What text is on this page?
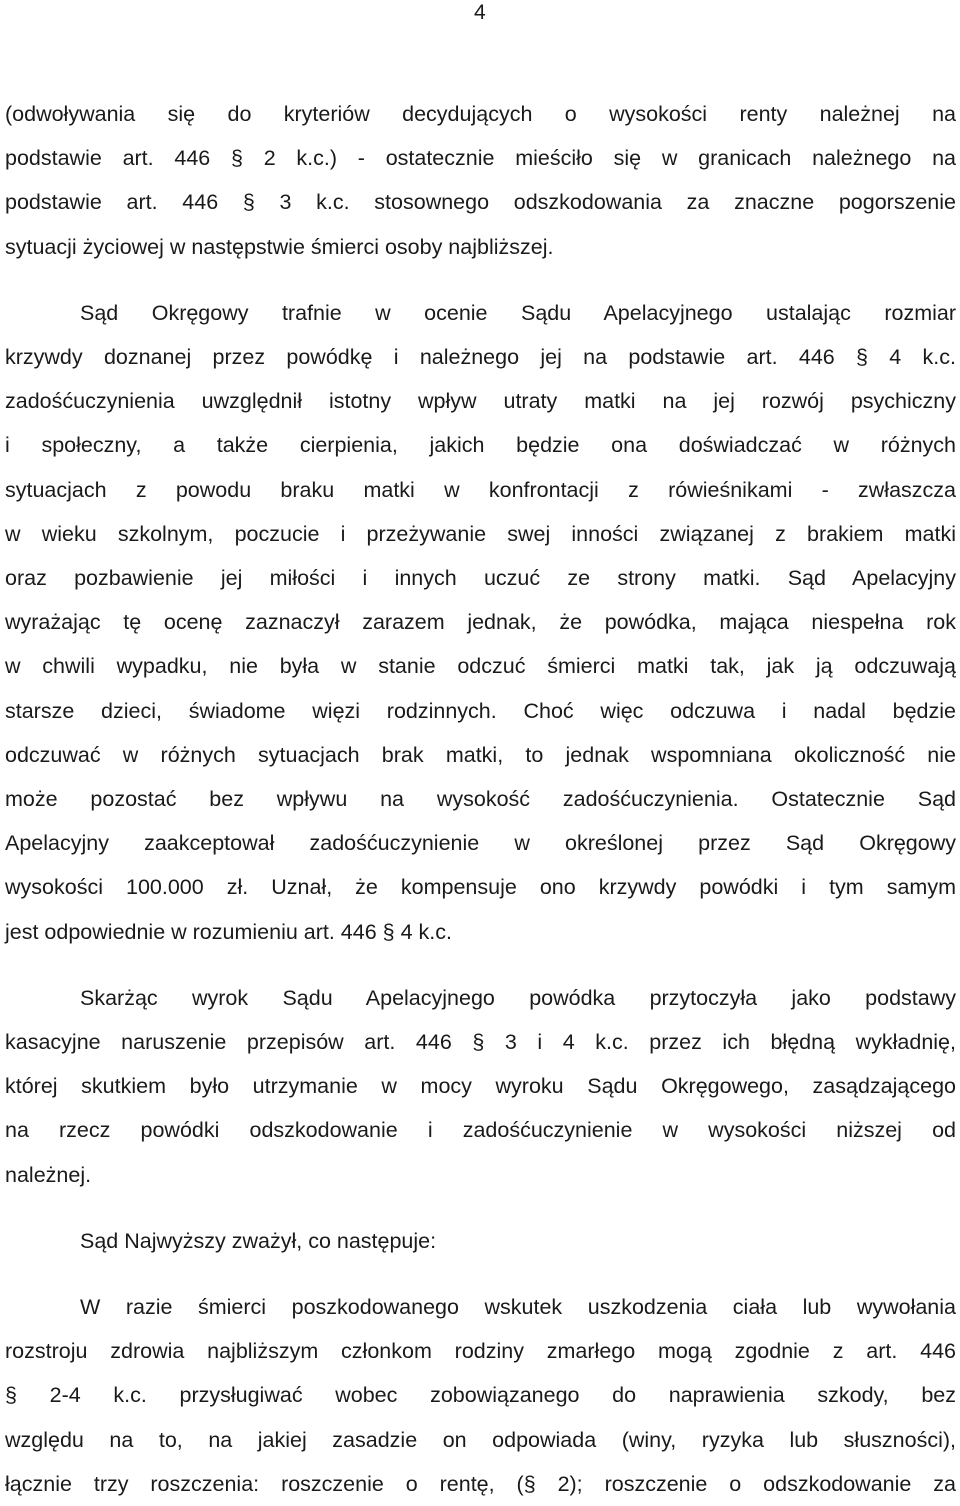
4

(odwoływania się do kryteriów decydujących o wysokości renty należnej na
podstawie art. 446 § 2 k.c.) - ostatecznie mieściło się w granicach należnego na
podstawie art. 446 § 3 k.c. stosownego odszkodowania za znaczne pogorszenie
sytuacji życiowej w następstwie śmierci osoby najbliższej.

Sąd Okręgowy trafnie w ocenie Sądu Apelacyjnego ustalając rozmiar
krzywdy doznanej przez powódkę i należnego jej na podstawie art. 446 § 4 k.c.
zadośćuczynienia uwzględnił istotny wpływ utraty matki na jej rozwój psychiczny
i społeczny, a także cierpienia, jakich będzie ona doświadczać w różnych
sytuacjach z powodu braku matki w konfrontacji z rówieśnikami - zwłaszcza
w wieku szkolnym, poczucie i przeżywanie swej inności związanej z brakiem matki
oraz pozbawienie jej miłości i innych uczuć ze strony matki. Sąd Apelacyjny
wyrażając tę ocenę zaznaczył zarazem jednak, że powódka, mająca niespełna rok
w chwili wypadku, nie była w stanie odczuć śmierci matki tak, jak ją odczuwają
starsze dzieci, świadome więzi rodzinnych. Choć więc odczuwa i nadal będzie
odczuwać w różnych sytuacjach brak matki, to jednak wspomniana okoliczność nie
może pozostać bez wpływu na wysokość zadośćuczynienia. Ostatecznie Sąd
Apelacyjny zaakceptował zadośćuczynienie w określonej przez Sąd Okręgowy
wysokości 100.000 zł. Uznał, że kompensuje ono krzywdy powódki i tym samym
jest odpowiednie w rozumieniu art. 446 § 4 k.c.

Skarżąc wyrok Sądu Apelacyjnego powódka przytoczyła jako podstawy
kasacyjne naruszenie przepisów art. 446 § 3 i 4 k.c. przez ich błędną wykładnię,
której skutkiem było utrzymanie w mocy wyroku Sądu Okręgowego, zasądzającego
na rzecz powódki odszkodowanie i zadośćuczynienie w wysokości niższej od
należnej.

Sąd Najwyższy zważył, co następuje:

W razie śmierci poszkodowanego wskutek uszkodzenia ciała lub wywołania
rozstroju zdrowia najbliższym członkom rodziny zmarłego mogą zgodnie z art. 446
§ 2-4 k.c. przysługiwać wobec zobowiązanego do naprawienia szkody, bez
względu na to, na jakiej zasadzie on odpowiada (winy, ryzyka lub słuszności),
łącznie trzy roszczenia: roszczenie o rentę, (§ 2); roszczenie o odszkodowanie za
